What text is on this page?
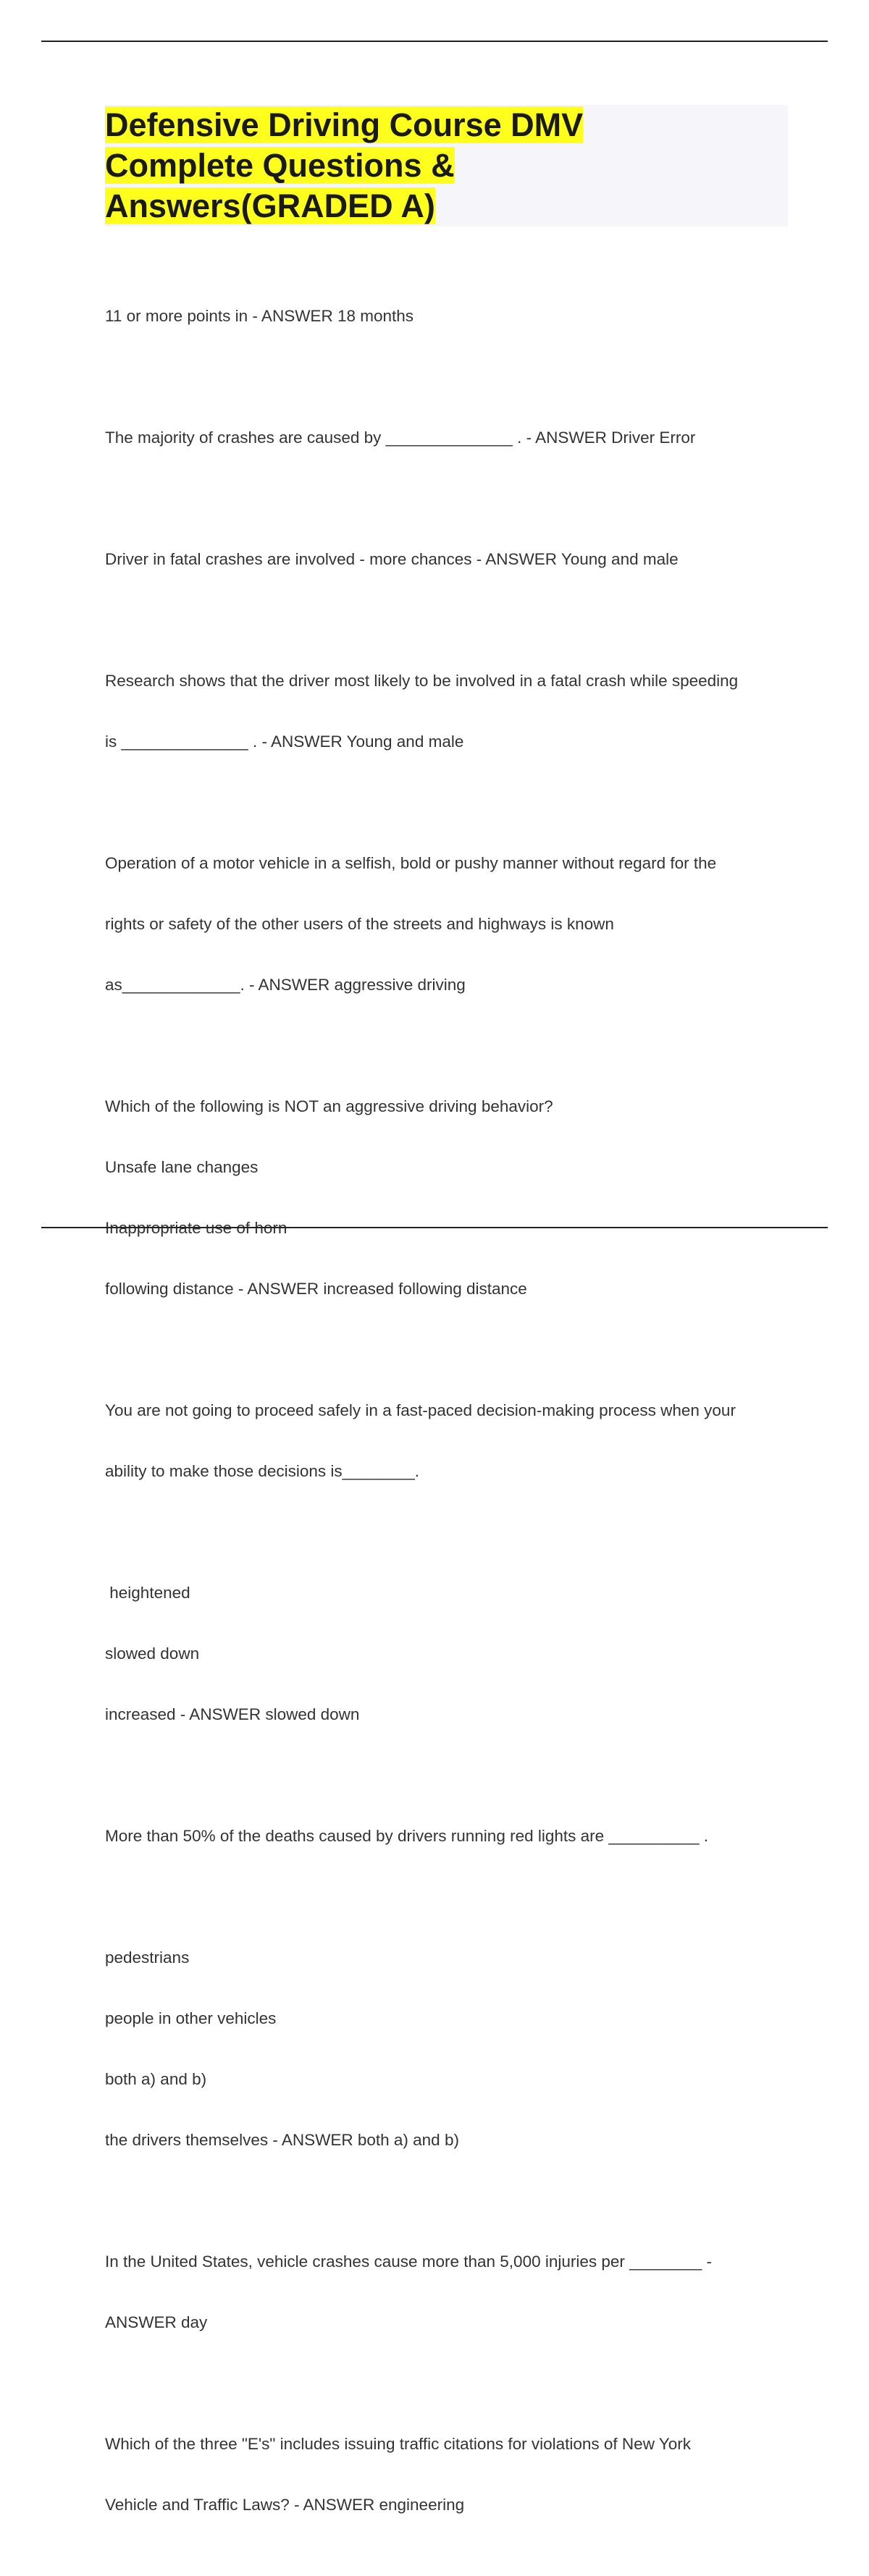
Defensive Driving Course DMV
Complete Questions &
Answers(GRADED A)

11 or more points in - ANSWER 18 months

The majority of crashes are caused by ______________ . - ANSWER Driver Error

Driver in fatal crashes are involved - more chances - ANSWER Young and male

Research shows that the driver most likely to be involved in a fatal crash while speeding

is ______________ . - ANSWER Young and male

Operation of a motor vehicle in a selfish, bold or pushy manner without regard for the

rights or safety of the other users of the streets and highways is known

as_____________. - ANSWER aggressive driving

Which of the following is NOT an aggressive driving behavior?

Unsafe lane changes

Inappropriate use of horn

following distance - ANSWER increased following distance

You are not going to proceed safely in a fast-paced decision-making process when your

ability to make those decisions is________.

heightened

slowed down

increased - ANSWER slowed down

More than 50% of the deaths caused by drivers running red lights are __________ .

pedestrians

people in other vehicles

both a) and b)

the drivers themselves - ANSWER both a) and b)

In the United States, vehicle crashes cause more than 5,000 injuries per ________ -

ANSWER day

Which of the three "E's" includes issuing traffic citations for violations of New York

Vehicle and Traffic Laws? - ANSWER engineering
